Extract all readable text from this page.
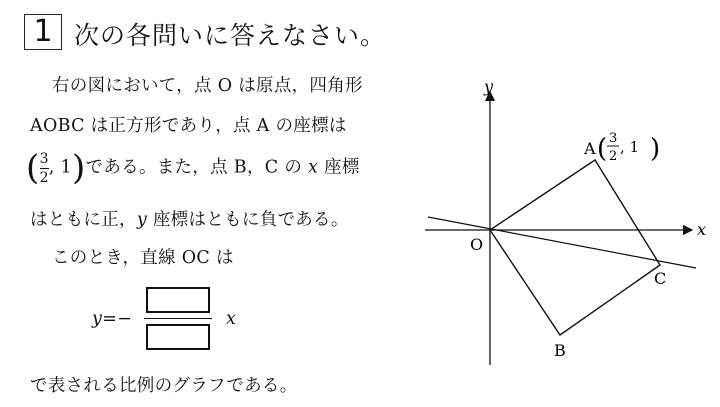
1 次の各問いに答えなさい。
右の図において，点 O は原点，四角形
AOBC は正方形であり，点 A の座標は
( $\frac{3}{2}$ , 1)である。また，点 B，C の x 座標
はともに正，y 座標はともに負である。
このとき，直線 OC は
y=−	x
で表される比例のグラフである。
x
y
O
A ( 3
2
, 1 )
B
C
